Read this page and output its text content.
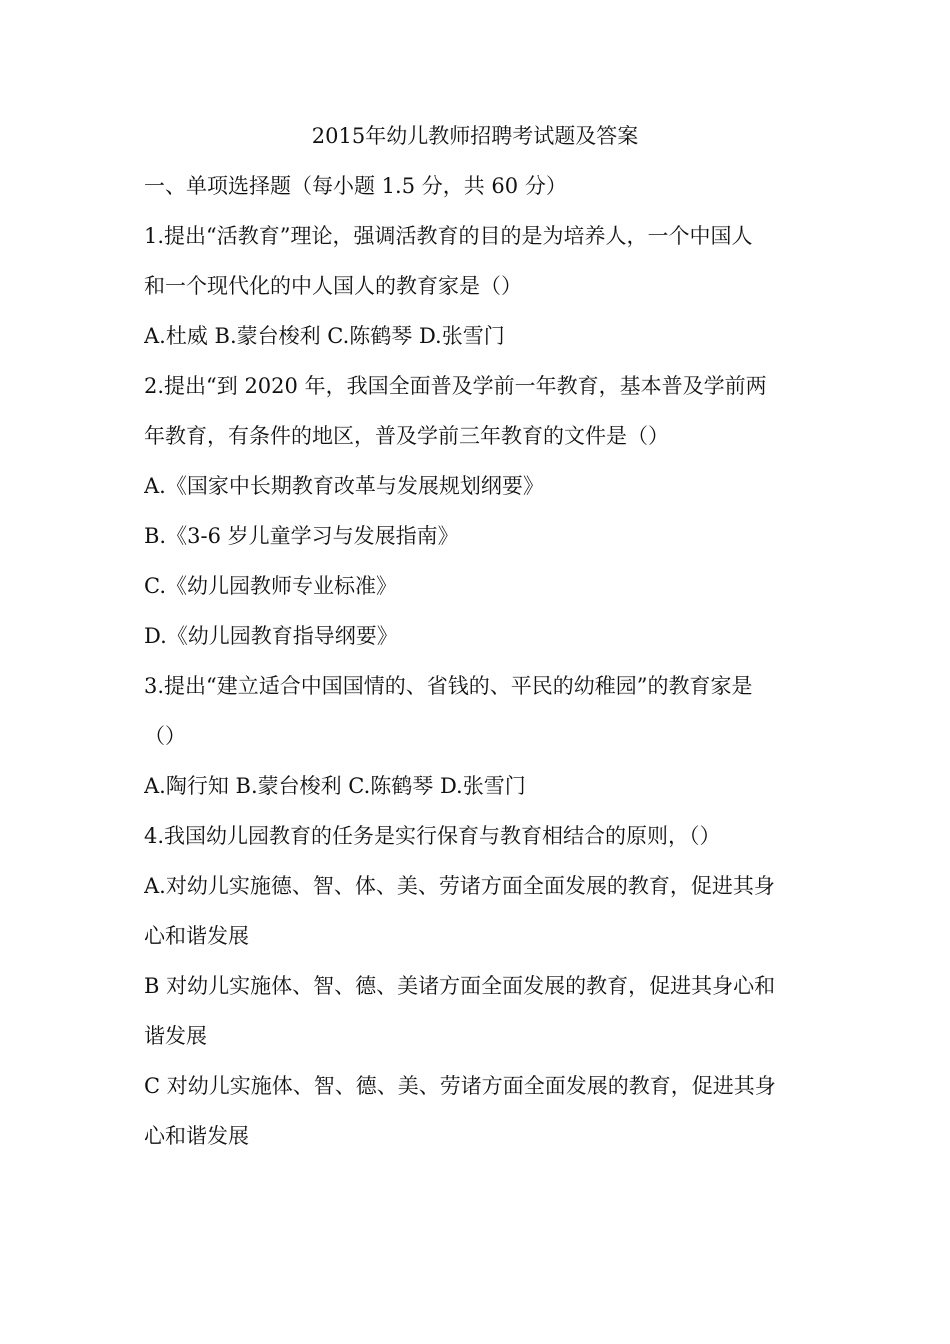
2015年幼儿教师招聘考试题及答案
一、单项选择题（每小题 1.5 分，共 60 分）
1.提出“活教育”理论，强调活教育的目的是为培养人，一个中国人
和一个现代化的中人国人的教育家是（）
A.杜威 B.蒙台梭利 C.陈鹤琴 D.张雪门
2.提出“到 2020 年，我国全面普及学前一年教育，基本普及学前两
年教育，有条件的地区，普及学前三年教育的文件是（）
A.《国家中长期教育改革与发展规划纲要》
B.《3-6 岁儿童学习与发展指南》
C.《幼儿园教师专业标准》
D.《幼儿园教育指导纲要》
3.提出“建立适合中国国情的、省钱的、平民的幼稚园”的教育家是
（）
A.陶行知 B.蒙台梭利 C.陈鹤琴 D.张雪门
4.我国幼儿园教育的任务是实行保育与教育相结合的原则，（）
A.对幼儿实施德、智、体、美、劳诸方面全面发展的教育，促进其身
心和谐发展
B 对幼儿实施体、智、德、美诸方面全面发展的教育，促进其身心和
谐发展
C 对幼儿实施体、智、德、美、劳诸方面全面发展的教育，促进其身
心和谐发展
